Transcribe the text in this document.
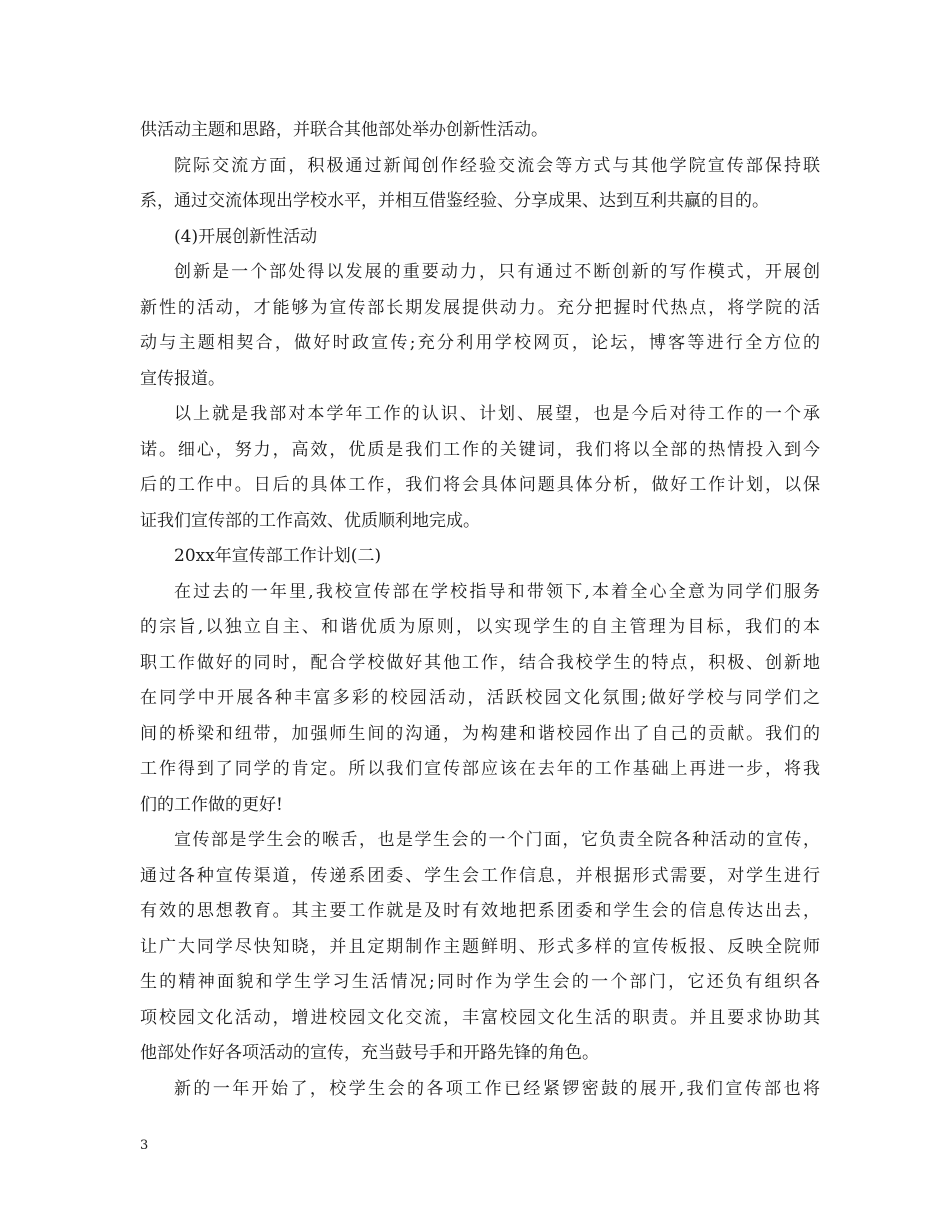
供活动主题和思路，并联合其他部处举办创新性活动。
院际交流方面，积极通过新闻创作经验交流会等方式与其他学院宣传部保持联
系，通过交流体现出学校水平，并相互借鉴经验、分享成果、达到互利共赢的目的。
(4)开展创新性活动
创新是一个部处得以发展的重要动力，只有通过不断创新的写作模式，开展创
新性的活动，才能够为宣传部长期发展提供动力。充分把握时代热点，将学院的活
动与主题相契合，做好时政宣传;充分利用学校网页，论坛，博客等进行全方位的
宣传报道。
以上就是我部对本学年工作的认识、计划、展望，也是今后对待工作的一个承
诺。细心，努力，高效，优质是我们工作的关键词，我们将以全部的热情投入到今
后的工作中。日后的具体工作，我们将会具体问题具体分析，做好工作计划，以保
证我们宣传部的工作高效、优质顺利地完成。
20xx年宣传部工作计划(二)
在过去的一年里,我校宣传部在学校指导和带领下,本着全心全意为同学们服务
的宗旨,以独立自主、和谐优质为原则，以实现学生的自主管理为目标，我们的本
职工作做好的同时，配合学校做好其他工作，结合我校学生的特点，积极、创新地
在同学中开展各种丰富多彩的校园活动，活跃校园文化氛围;做好学校与同学们之
间的桥梁和纽带，加强师生间的沟通，为构建和谐校园作出了自己的贡献。我们的
工作得到了同学的肯定。所以我们宣传部应该在去年的工作基础上再进一步，将我
们的工作做的更好!
宣传部是学生会的喉舌，也是学生会的一个门面，它负责全院各种活动的宣传，
通过各种宣传渠道，传递系团委、学生会工作信息，并根据形式需要，对学生进行
有效的思想教育。其主要工作就是及时有效地把系团委和学生会的信息传达出去，
让广大同学尽快知晓，并且定期制作主题鲜明、形式多样的宣传板报、反映全院师
生的精神面貌和学生学习生活情况;同时作为学生会的一个部门，它还负有组织各
项校园文化活动，增进校园文化交流，丰富校园文化生活的职责。并且要求协助其
他部处作好各项活动的宣传，充当鼓号手和开路先锋的角色。
新的一年开始了，校学生会的各项工作已经紧锣密鼓的展开,我们宣传部也将
3
